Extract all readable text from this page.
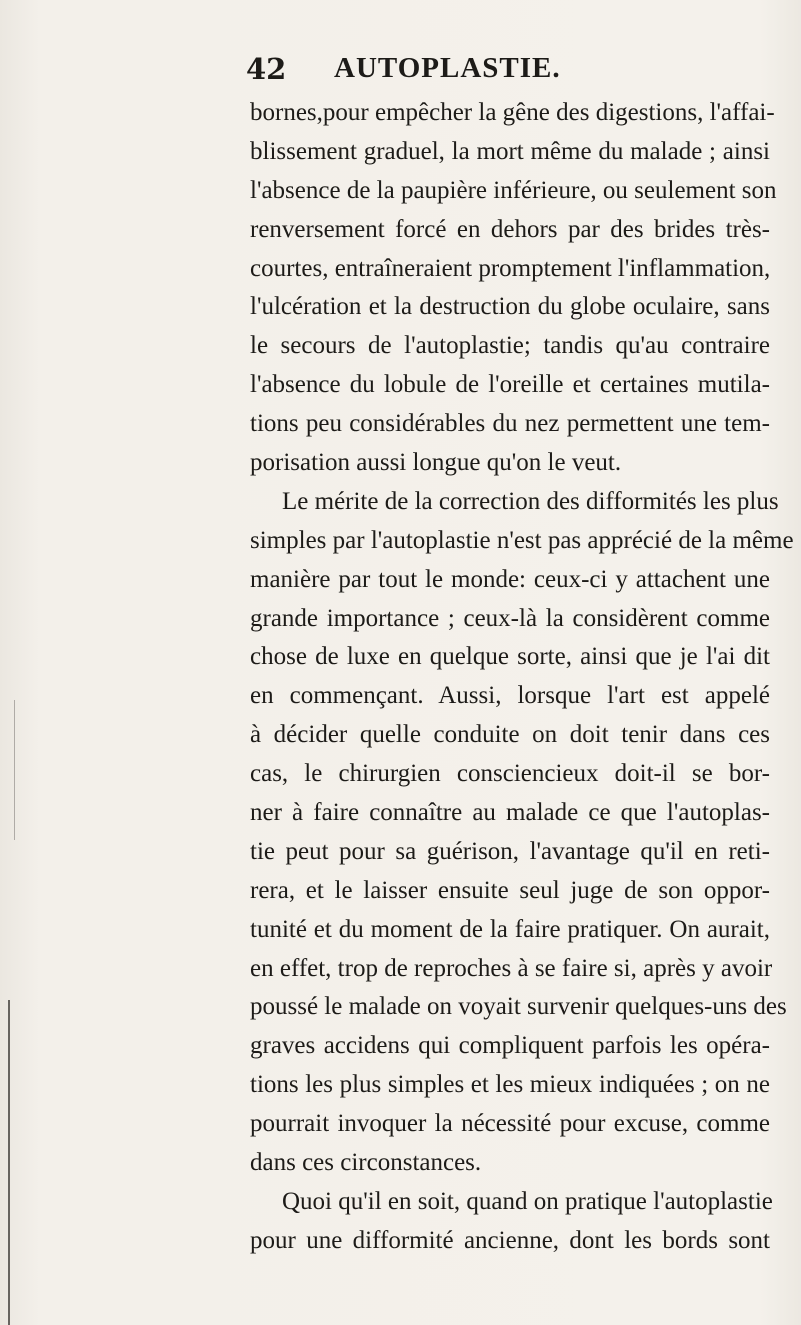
42 AUTOPLASTIE.
bornes,pour empêcher la gêne des digestions, l'affai-
blissement graduel, la mort même du malade ; ainsi
l'absence de la paupière inférieure, ou seulement son
renversement forcé en dehors par des brides très-
courtes, entraîneraient promptement l'inflammation,
l'ulcération et la destruction du globe oculaire, sans
le secours de l'autoplastie; tandis qu'au contraire
l'absence du lobule de l'oreille et certaines mutila-
tions peu considérables du nez permettent une tem-
porisation aussi longue qu'on le veut.
Le mérite de la correction des difformités les plus
simples par l'autoplastie n'est pas apprécié de la même
manière par tout le monde: ceux-ci y attachent une
grande importance ; ceux-là la considèrent comme
chose de luxe en quelque sorte, ainsi que je l'ai dit
en commençant. Aussi, lorsque l'art est appelé
à décider quelle conduite on doit tenir dans ces
cas, le chirurgien consciencieux doit-il se bor-
ner à faire connaître au malade ce que l'autoplas-
tie peut pour sa guérison, l'avantage qu'il en reti-
rera, et le laisser ensuite seul juge de son oppor-
tunité et du moment de la faire pratiquer. On aurait,
en effet, trop de reproches à se faire si, après y avoir
poussé le malade on voyait survenir quelques-uns des
graves accidens qui compliquent parfois les opéra-
tions les plus simples et les mieux indiquées ; on ne
pourrait invoquer la nécessité pour excuse, comme
dans ces circonstances.
Quoi qu'il en soit, quand on pratique l'autoplastie
pour une difformité ancienne, dont les bords sont
